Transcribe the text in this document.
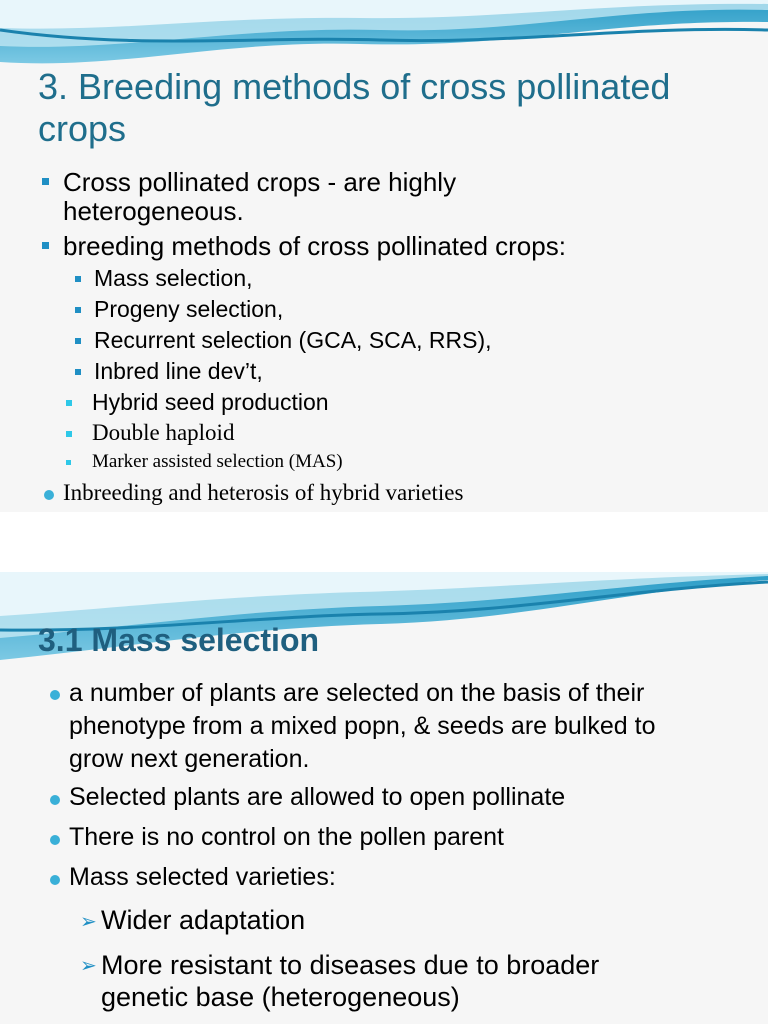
3. Breeding methods of cross pollinated
crops
Cross pollinated crops - are highly
heterogeneous.
breeding methods of cross pollinated crops:
Mass selection,
Progeny selection,
Recurrent selection (GCA, SCA, RRS),
Inbred line dev’t,
Hybrid seed production
Double haploid
Marker assisted selection (MAS)
Inbreeding and heterosis of hybrid varieties
3.1 Mass selection
a number of plants are selected on the basis of their
phenotype from a mixed popn, & seeds are bulked to
grow next generation.
Selected plants are allowed to open pollinate
There is no control on the pollen parent
Mass selected varieties:
➢ Wider adaptation
➢ More resistant to diseases due to broader
genetic base (heterogeneous)
